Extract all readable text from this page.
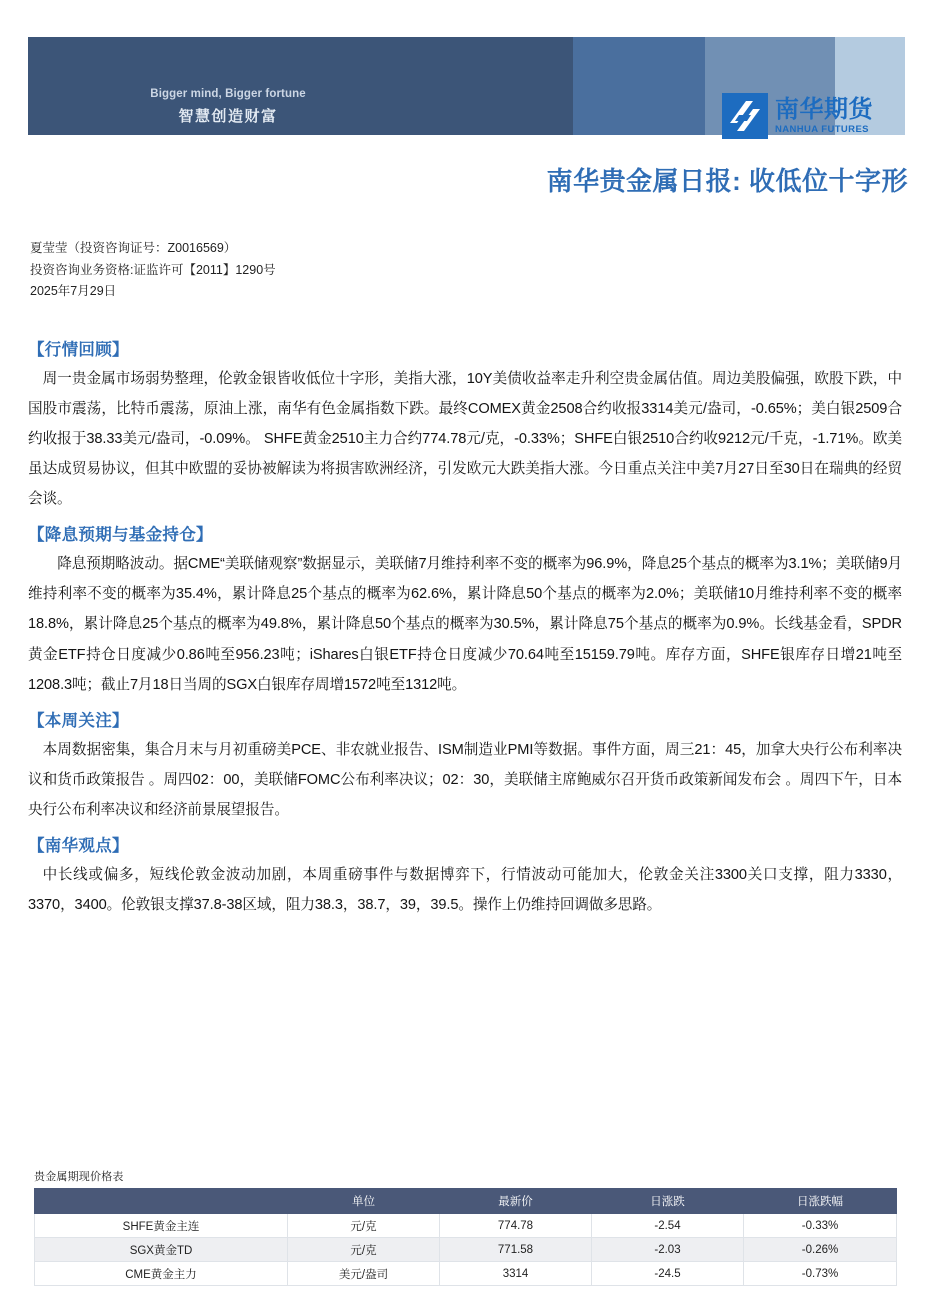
Bigger mind, Bigger fortune
智慧创造财富	南华期货
NANHUA FUTURES
南华贵金属日报: 收低位十字形
夏莹莹（投资咨询证号：Z0016569）
投资咨询业务资格:证监许可【2011】1290号
2025年7月29日
【行情回顾】

周一贵金属市场弱势整理，伦敦金银皆收低位十字形，美指大涨，10Y美债收益率走升利空贵金属估值。周边美股偏强，欧股下跌，中国股市震荡，比特币震荡，原油上涨，南华有色金属指数下跌。最终COMEX黄金2508合约收报3314美元/盎司，-0.65%；美白银2509合约收报于38.33美元/盎司，-0.09%。 SHFE黄金2510主力合约774.78元/克，-0.33%；SHFE白银2510合约收9212元/千克，-1.71%。欧美虽达成贸易协议，但其中欧盟的妥协被解读为将损害欧洲经济，引发欧元大跌美指大涨。今日重点关注中美7月27日至30日在瑞典的经贸会谈。

【降息预期与基金持仓】

降息预期略波动。据CME“美联储观察”数据显示，美联储7月维持利率不变的概率为96.9%，降息25个基点的概率为3.1%；美联储9月维持利率不变的概率为35.4%，累计降息25个基点的概率为62.6%，累计降息50个基点的概率为2.0%；美联储10月维持利率不变的概率18.8%，累计降息25个基点的概率为49.8%，累计降息50个基点的概率为30.5%，累计降息75个基点的概率为0.9%。长线基金看，SPDR黄金ETF持仓日度减少0.86吨至956.23吨；iShares白银ETF持仓日度减少70.64吨至15159.79吨。库存方面，SHFE银库存日增21吨至1208.3吨；截止7月18日当周的SGX白银库存周增1572吨至1312吨。

【本周关注】

本周数据密集，集合月末与月初重磅美PCE、非农就业报告、ISM制造业PMI等数据。事件方面，周三21：45，加拿大央行公布利率决议和货币政策报告 。周四02：00，美联储FOMC公布利率决议；02：30，美联储主席鲍威尔召开货币政策新闻发布会 。周四下午，日本央行公布利率决议和经济前景展望报告。

【南华观点】

中长线或偏多，短线伦敦金波动加剧，本周重磅事件与数据博弈下，行情波动可能加大，伦敦金关注3300关口支撑，阻力3330，3370，3400。伦敦银支撑37.8-38区域，阻力38.3，38.7，39，39.5。操作上仍维持回调做多思路。

贵金属期现价格表
	单位	最新价	日涨跌	日涨跌幅
SHFE黄金主连	元/克	774.78	-2.54	-0.33%
SGX黄金TD	元/克	771.58	-2.03	-0.26%
CME黄金主力	美元/盎司	3314	-24.5	-0.73%
